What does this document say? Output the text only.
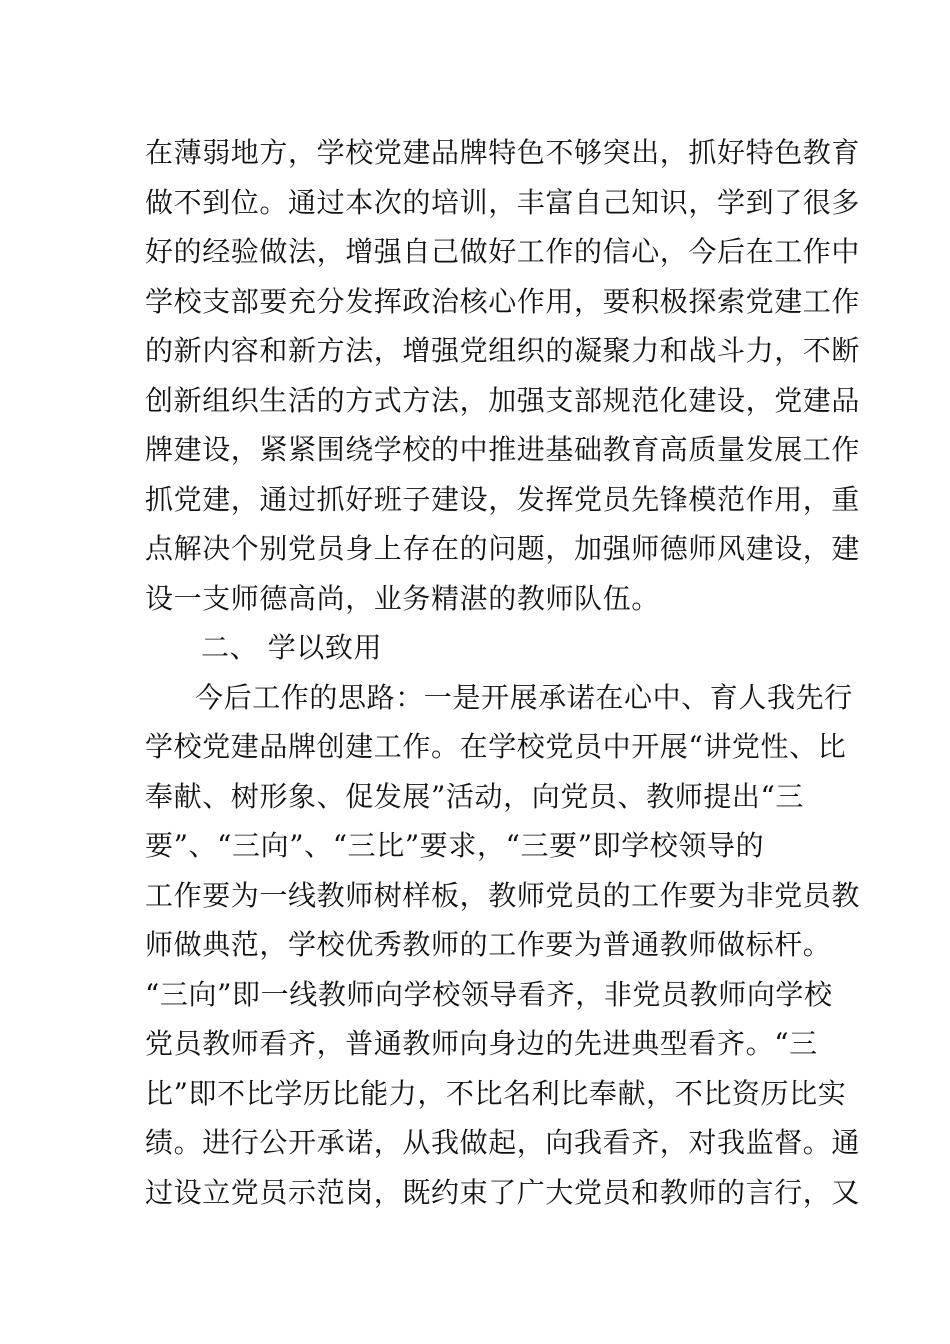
在薄弱地方，学校党建品牌特色不够突出，抓好特色教育
做不到位。通过本次的培训，丰富自己知识，学到了很多
好的经验做法，增强自己做好工作的信心，今后在工作中
学校支部要充分发挥政治核心作用，要积极探索党建工作
的新内容和新方法，增强党组织的凝聚力和战斗力，不断
创新组织生活的方式方法，加强支部规范化建设，党建品
牌建设，紧紧围绕学校的中推进基础教育高质量发展工作
抓党建，通过抓好班子建设，发挥党员先锋模范作用，重
点解决个别党员身上存在的问题，加强师德师风建设，建
设一支师德高尚，业务精湛的教师队伍。
二、 学以致用
今后工作的思路：一是开展承诺在心中、育人我先行
学校党建品牌创建工作。在学校党员中开展“讲党性、比
奉献、树形象、促发展”活动，向党员、教师提出“三
要”、“三向”、“三比”要求，“三要”即学校领导的
工作要为一线教师树样板，教师党员的工作要为非党员教
师做典范，学校优秀教师的工作要为普通教师做标杆。
“三向”即一线教师向学校领导看齐，非党员教师向学校
党员教师看齐，普通教师向身边的先进典型看齐。“三
比”即不比学历比能力，不比名利比奉献，不比资历比实
绩。进行公开承诺，从我做起，向我看齐，对我监督。通
过设立党员示范岗，既约束了广大党员和教师的言行，又
